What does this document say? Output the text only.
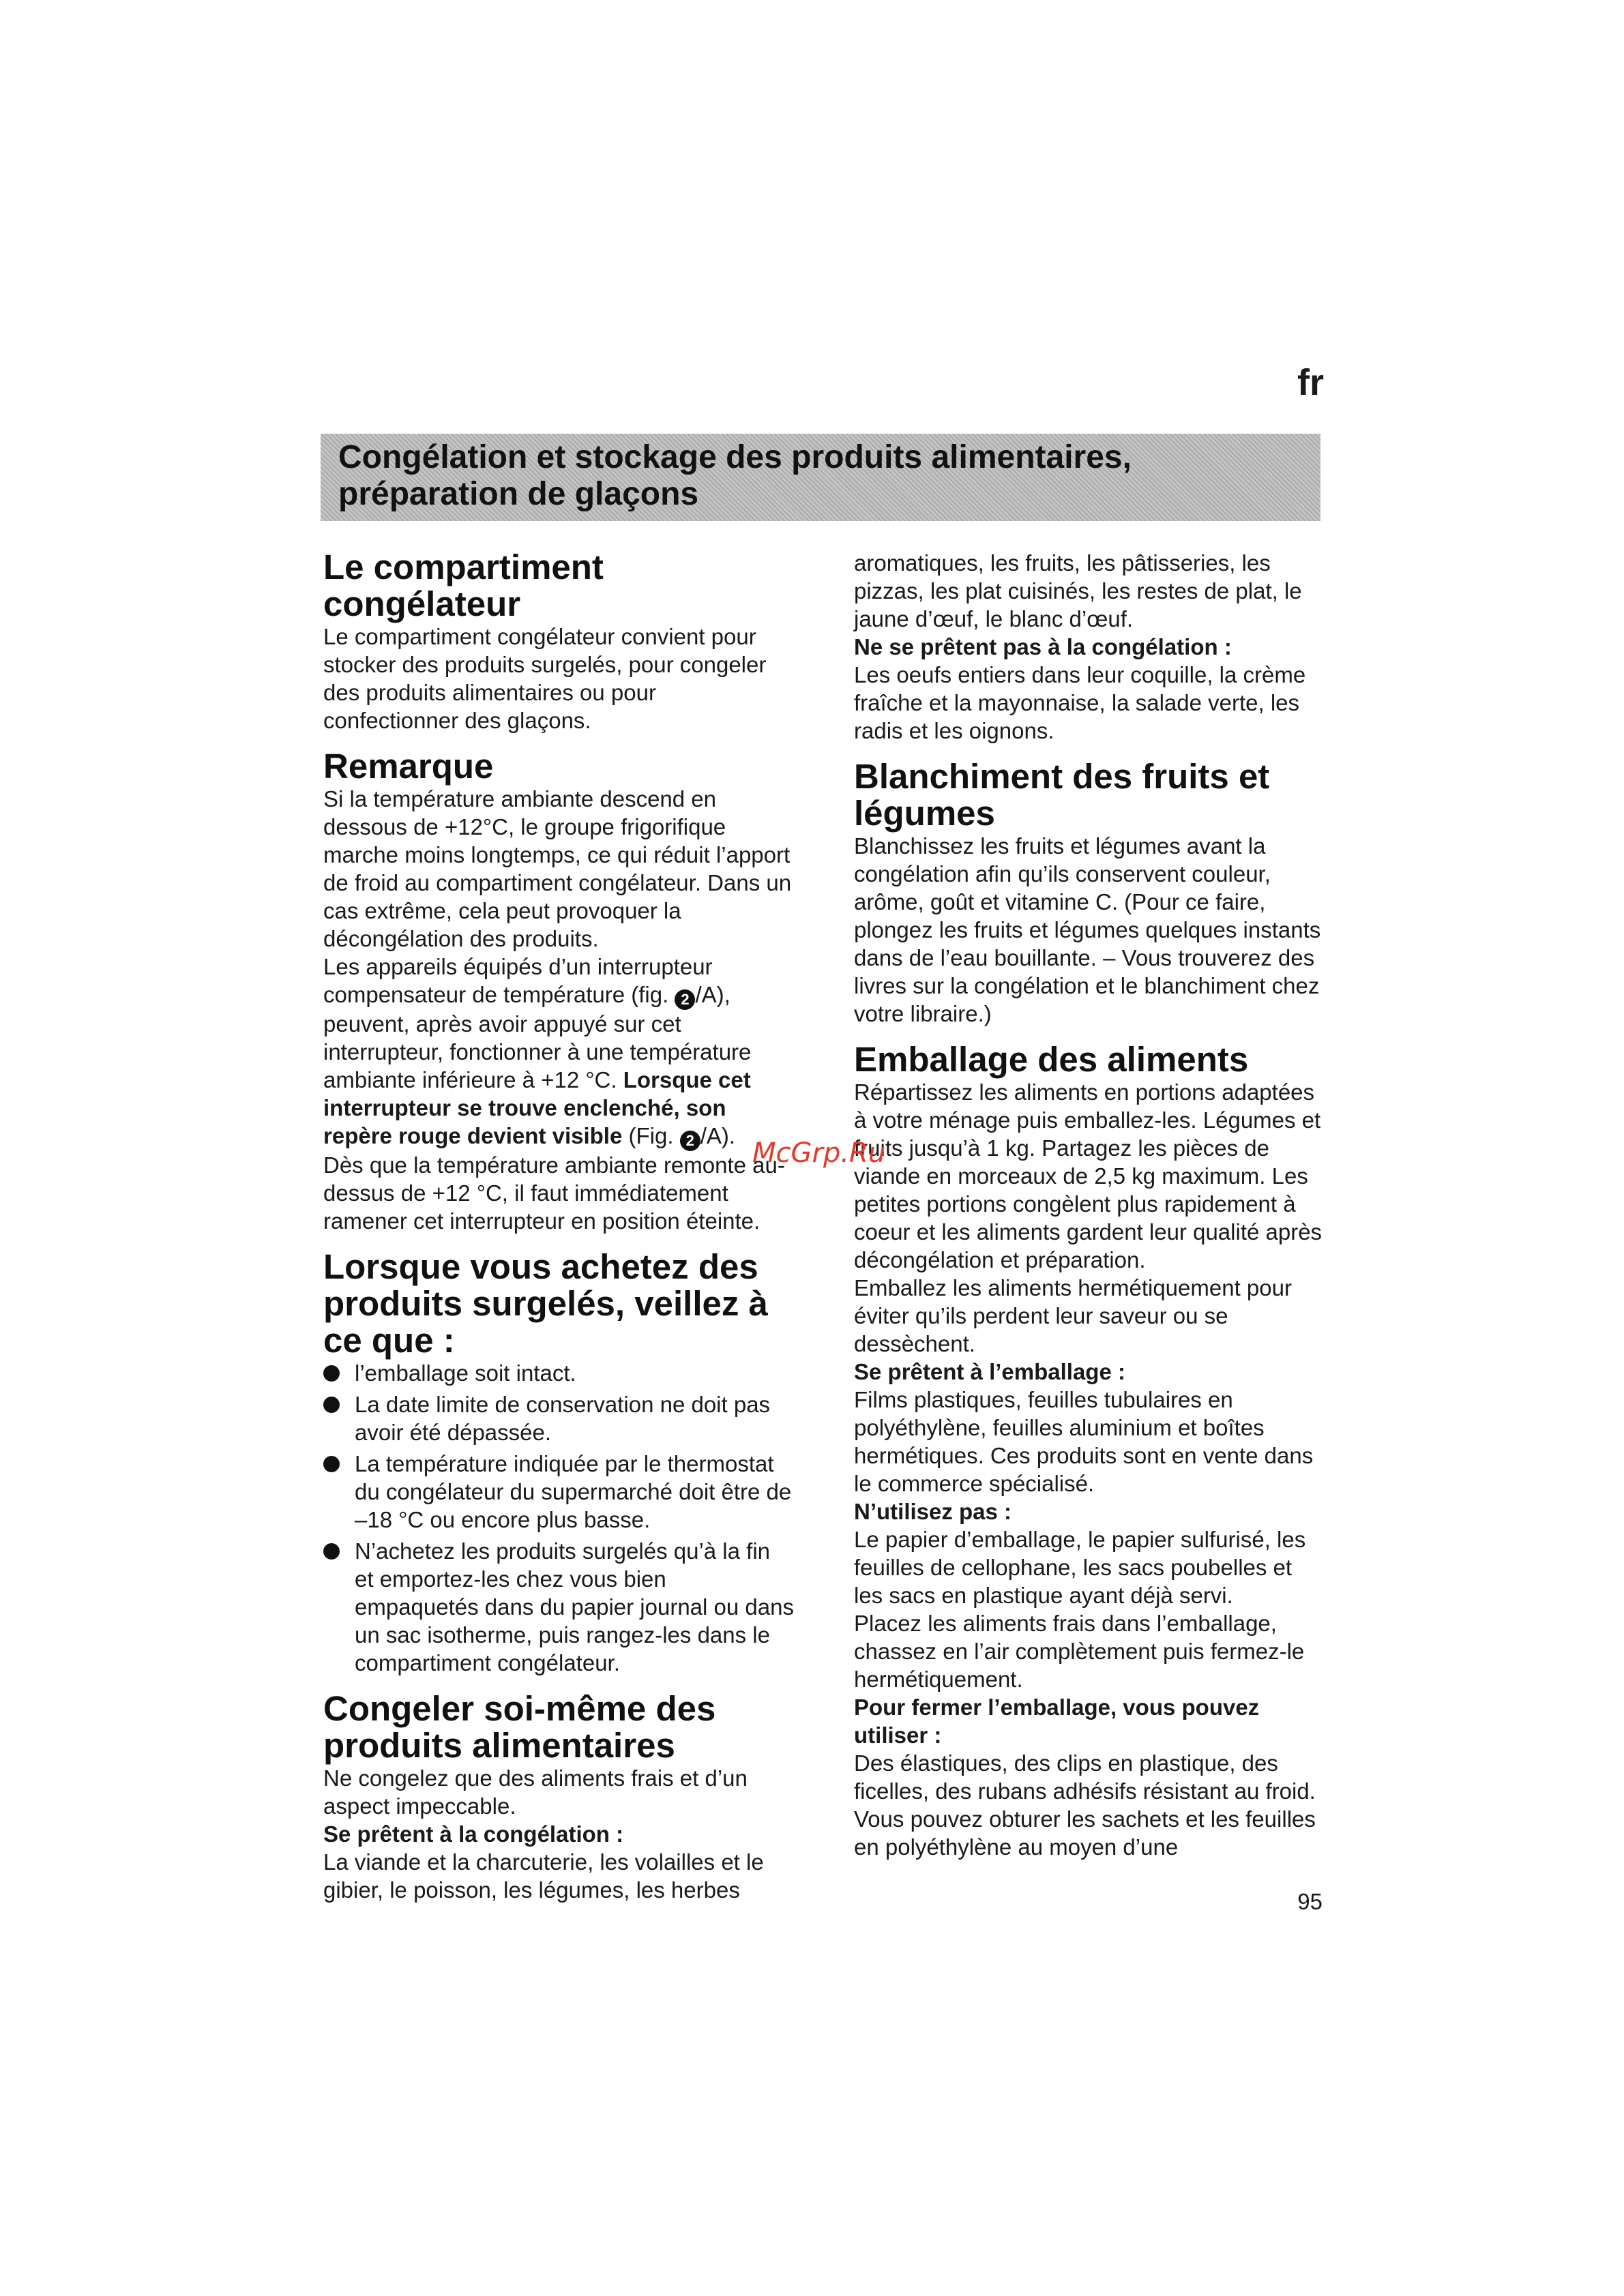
fr
Congélation et stockage des produits alimentaires,
préparation de glaçons
Le compartiment congélateur

Le compartiment congélateur convient pour stocker des produits surgelés, pour congeler des produits alimentaires ou pour confectionner des glaçons.

Remarque

Si la température ambiante descend en dessous de +12°C, le groupe frigorifique marche moins longtemps, ce qui réduit l’apport de froid au compartiment congélateur. Dans un cas extrême, cela peut provoquer la décongélation des produits.

Les appareils équipés d’un interrupteur compensateur de température (fig. 2 /A), peuvent, après avoir appuyé sur cet interrupteur, fonctionner à une température ambiante inférieure à +12 °C. Lorsque cet interrupteur se trouve enclenché, son repère rouge devient visible (Fig. 2 /A).

Dès que la température ambiante remonte au-dessus de +12 °C, il faut immédiatement ramener cet interrupteur en position éteinte.

Lorsque vous achetez des produits surgelés, veillez à ce que :
l’emballage soit intact.
La date limite de conservation ne doit pas avoir été dépassée.
La température indiquée par le thermostat du congélateur du supermarché doit être de –18 °C ou encore plus basse.
N’achetez les produits surgelés qu’à la fin et emportez-les chez vous bien empaquetés dans du papier journal ou dans un sac isotherme, puis rangez-les dans le compartiment congélateur.
Congeler soi-même des produits alimentaires

Ne congelez que des aliments frais et d’un aspect impeccable.

Se prêtent à la congélation :

La viande et la charcuterie, les volailles et le gibier, le poisson, les légumes, les herbes

aromatiques, les fruits, les pâtisseries, les pizzas, les plat cuisinés, les restes de plat, le jaune d’œuf, le blanc d’œuf.

Ne se prêtent pas à la congélation :

Les oeufs entiers dans leur coquille, la crème fraîche et la mayonnaise, la salade verte, les radis et les oignons.

Blanchiment des fruits et légumes

Blanchissez les fruits et légumes avant la congélation afin qu’ils conservent couleur, arôme, goût et vitamine C. (Pour ce faire, plongez les fruits et légumes quelques instants dans de l’eau bouillante. – Vous trouverez des livres sur la congélation et le blanchiment chez votre libraire.)

Emballage des aliments

Répartissez les aliments en portions adaptées à votre ménage puis emballez-les. Légumes et fruits jusqu’à 1 kg. Partagez les pièces de viande en morceaux de 2,5 kg maximum. Les petites portions congèlent plus rapidement à coeur et les aliments gardent leur qualité après décongélation et préparation.

Emballez les aliments hermétiquement pour éviter qu’ils perdent leur saveur ou se dessèchent.

Se prêtent à l’emballage :

Films plastiques, feuilles tubulaires en polyéthylène, feuilles aluminium et boîtes hermétiques. Ces produits sont en vente dans le commerce spécialisé.

N’utilisez pas :

Le papier d’emballage, le papier sulfurisé, les feuilles de cellophane, les sacs poubelles et les sacs en plastique ayant déjà servi.

Placez les aliments frais dans l’emballage, chassez en l’air complètement puis fermez-le hermétiquement.

Pour fermer l’emballage, vous pouvez utiliser :

Des élastiques, des clips en plastique, des ficelles, des rubans adhésifs résistant au froid. Vous pouvez obturer les sachets et les feuilles en polyéthylène au moyen d’une

McGrp.Ru
95
